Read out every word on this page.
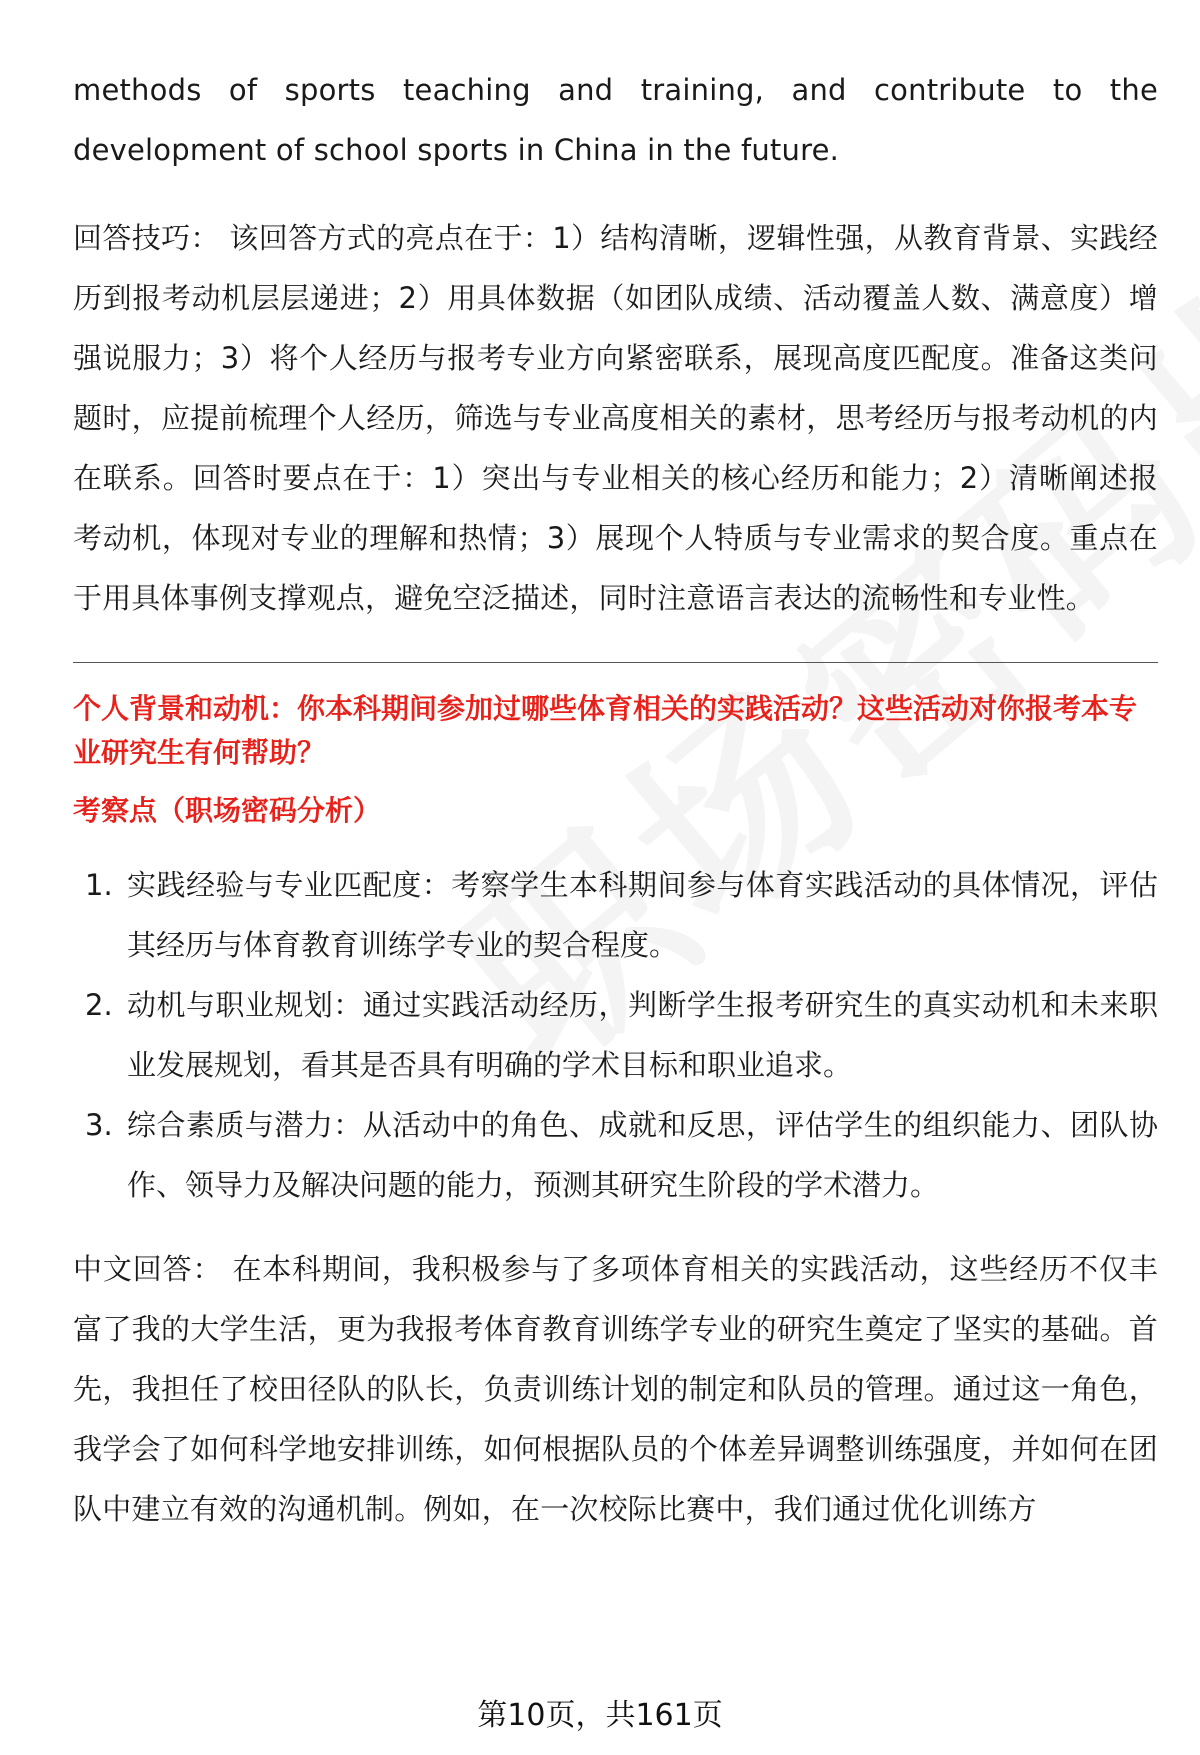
methods of sports teaching and training, and contribute to the development of school sports in China in the future.

回答技巧： 该回答方式的亮点在于：1）结构清晰，逻辑性强，从教育背景、实践经历到报考动机层层递进；2）用具体数据（如团队成绩、活动覆盖人数、满意度）增强说服力；3）将个人经历与报考专业方向紧密联系，展现高度匹配度。准备这类问题时，应提前梳理个人经历，筛选与专业高度相关的素材，思考经历与报考动机的内在联系。回答时要点在于：1）突出与专业相关的核心经历和能力；2）清晰阐述报考动机，体现对专业的理解和热情；3）展现个人特质与专业需求的契合度。重点在于用具体事例支撑观点，避免空泛描述，同时注意语言表达的流畅性和专业性。

个人背景和动机：你本科期间参加过哪些体育相关的实践活动？这些活动对你报考本专业研究生有何帮助？

考察点（职场密码分析）

1. 实践经验与专业匹配度：考察学生本科期间参与体育实践活动的具体情况，评估其经历与体育教育训练学专业的契合程度。
2. 动机与职业规划：通过实践活动经历，判断学生报考研究生的真实动机和未来职业发展规划，看其是否具有明确的学术目标和职业追求。
3. 综合素质与潜力：从活动中的角色、成就和反思，评估学生的组织能力、团队协作、领导力及解决问题的能力，预测其研究生阶段的学术潜力。

中文回答： 在本科期间，我积极参与了多项体育相关的实践活动，这些经历不仅丰富了我的大学生活，更为我报考体育教育训练学专业的研究生奠定了坚实的基础。首先，我担任了校田径队的队长，负责训练计划的制定和队员的管理。通过这一角色，我学会了如何科学地安排训练，如何根据队员的个体差异调整训练强度，并如何在团队中建立有效的沟通机制。例如，在一次校际比赛中，我们通过优化训练方

第10页，共161页
